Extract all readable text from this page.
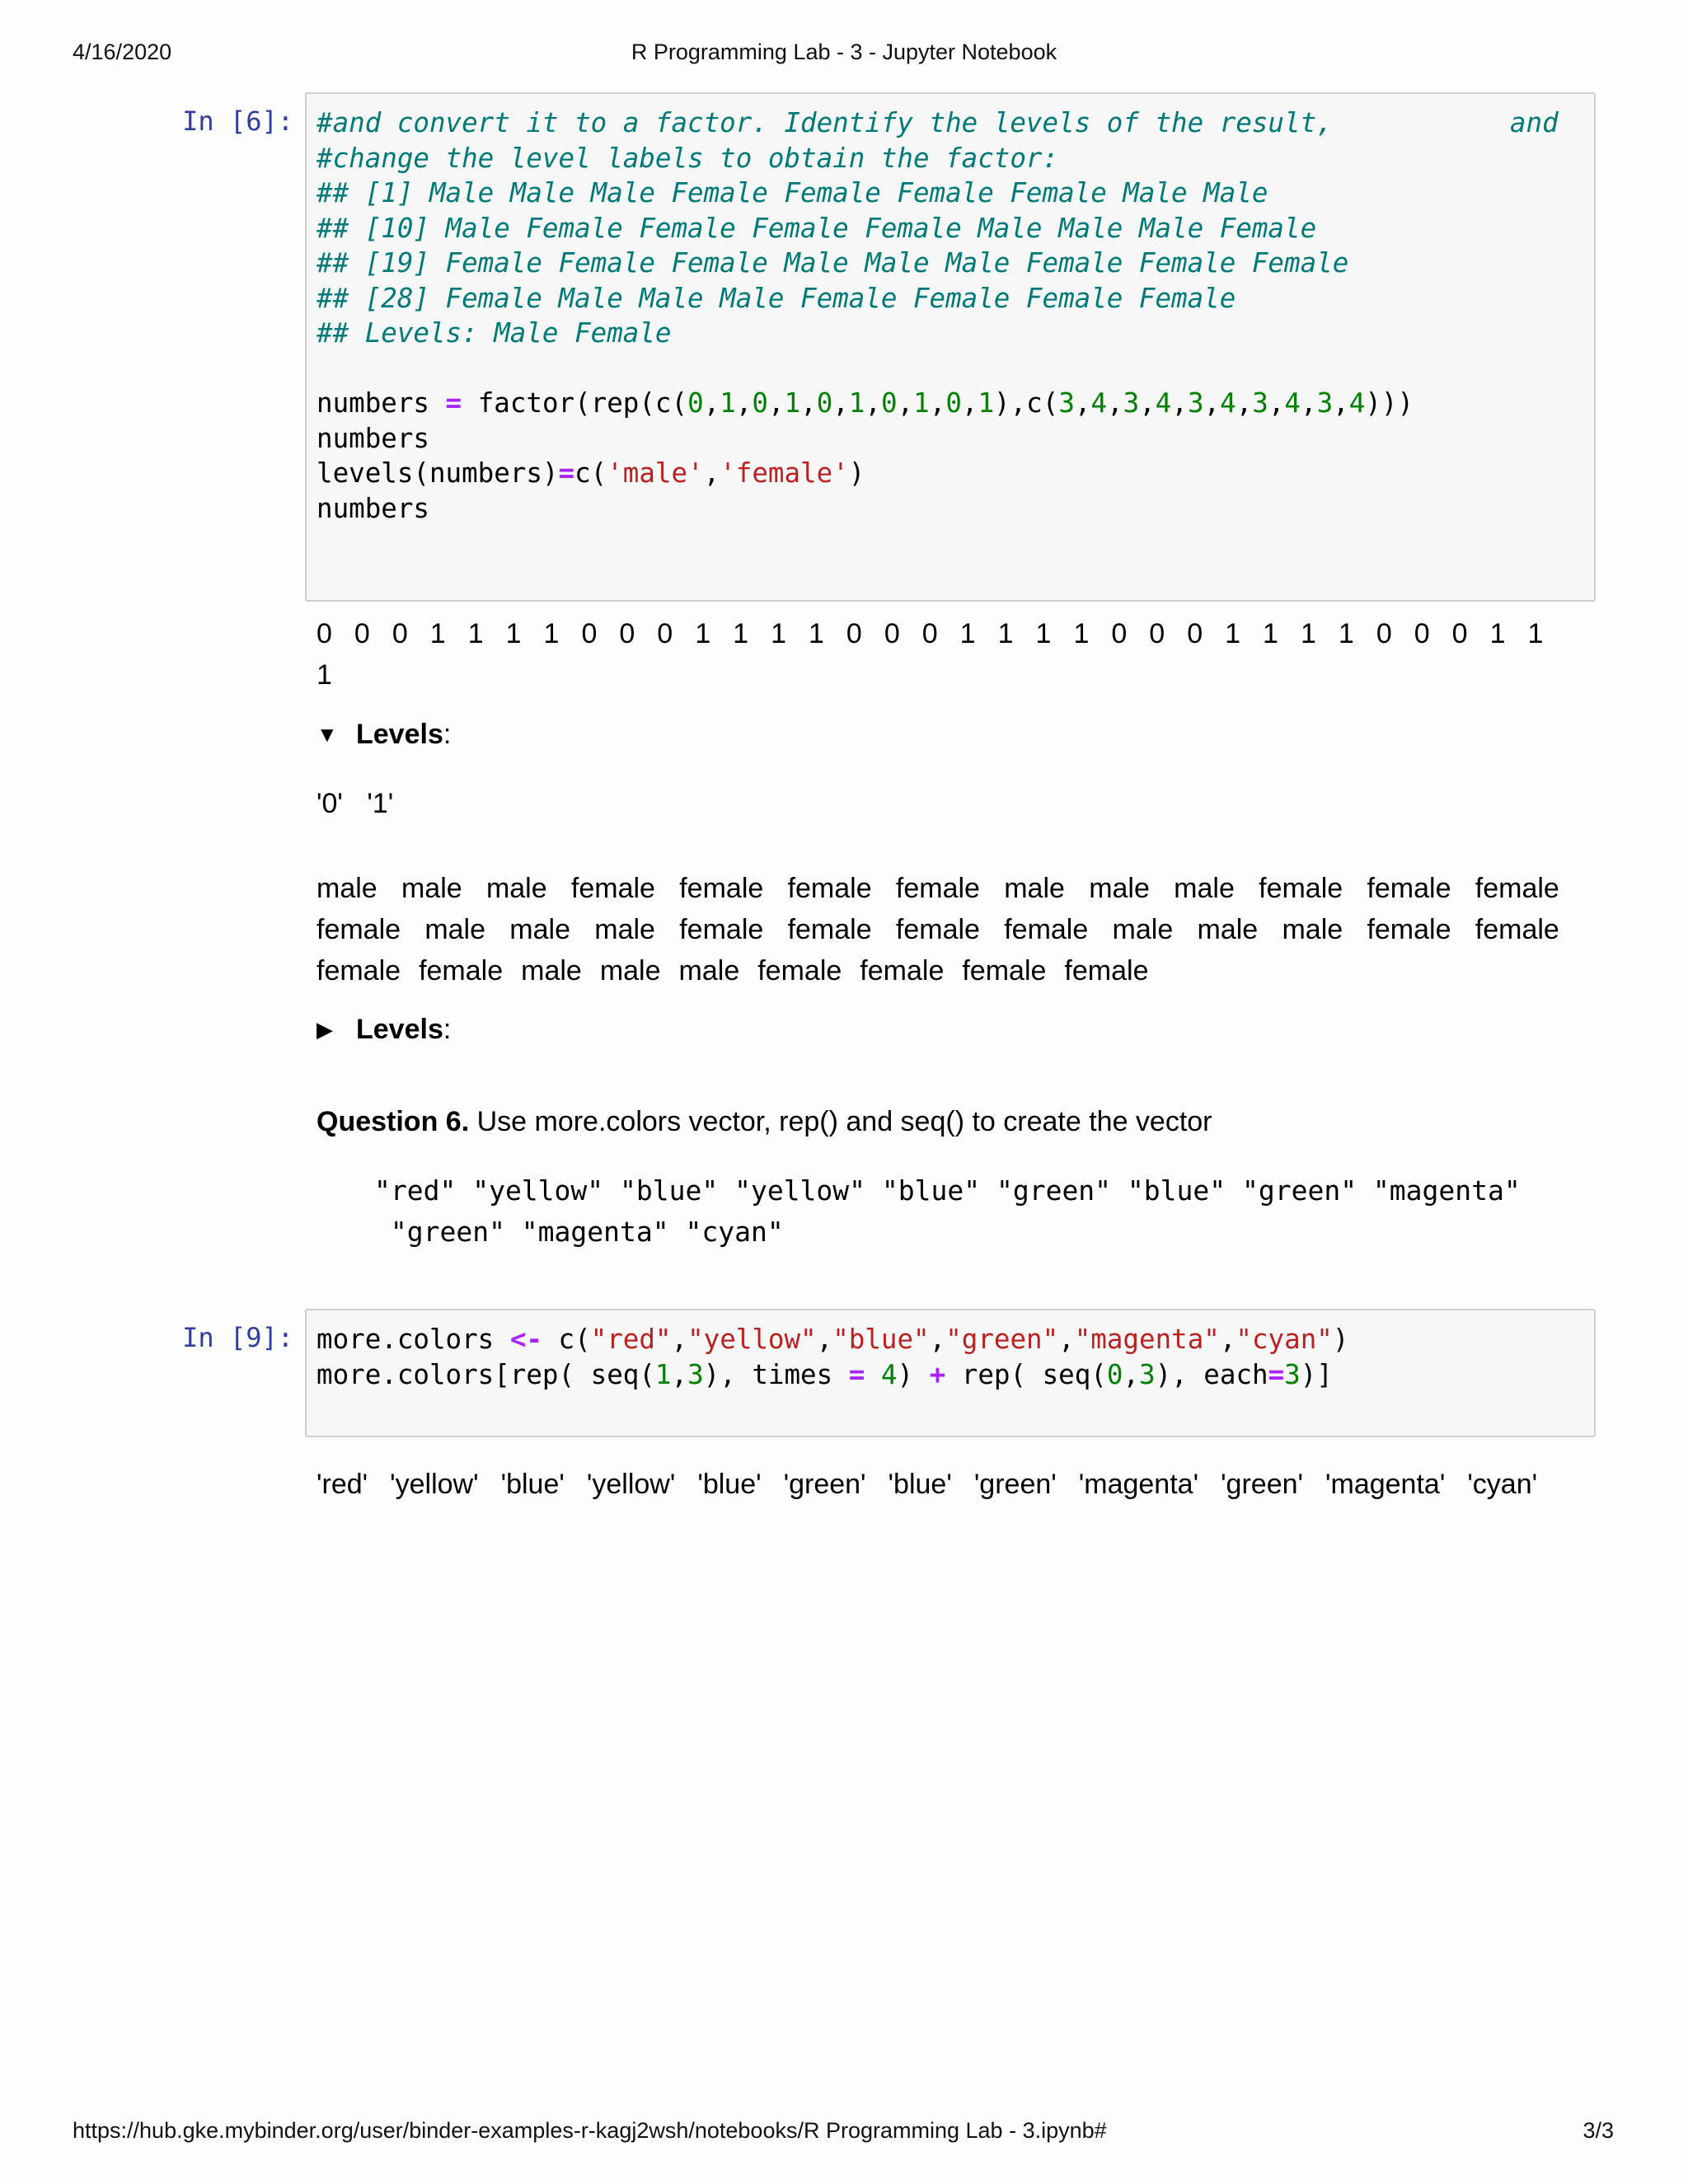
4/16/2020	R Programming Lab - 3 - Jupyter Notebook
In [6]: #and convert it to a factor. Identify the levels of the result,           and
#change the level labels to obtain the factor:
## [1] Male Male Male Female Female Female Female Male Male
## [10] Male Female Female Female Female Male Male Male Female
## [19] Female Female Female Male Male Male Female Female Female
## [28] Female Male Male Male Female Female Female Female
## Levels: Male Female

numbers = factor(rep(c(0,1,0,1,0,1,0,1,0,1),c(3,4,3,4,3,4,3,4,3,4)))
numbers
levels(numbers)=c('male','female')
numbers
0 0 0 1 1 1 1 0 0 0 1 1 1 1 0 0 0 1 1 1 1 0 0 0 1 1 1 1 0 0 0 1 1
1
▼ Levels :
'0' '1'
male male male female female female female male male male female female female
female male male male female female female female male male male female female
female female male male male female female female female
▶ Levels :
Question 6. Use more.colors vector, rep() and seq() to create the vector
"red" "yellow" "blue" "yellow" "blue" "green" "blue" "green" "magenta"
"green" "magenta" "cyan"
In [9]: more.colors <- c("red","yellow","blue","green","magenta","cyan")
more.colors[rep( seq(1,3), times = 4) + rep( seq(0,3), each=3)]
'red' 'yellow' 'blue' 'yellow' 'blue' 'green' 'blue' 'green' 'magenta' 'green' 'magenta' 'cyan'
https://hub.gke.mybinder.org/user/binder-examples-r-kagj2wsh/notebooks/R Programming Lab - 3.ipynb#	3/3
